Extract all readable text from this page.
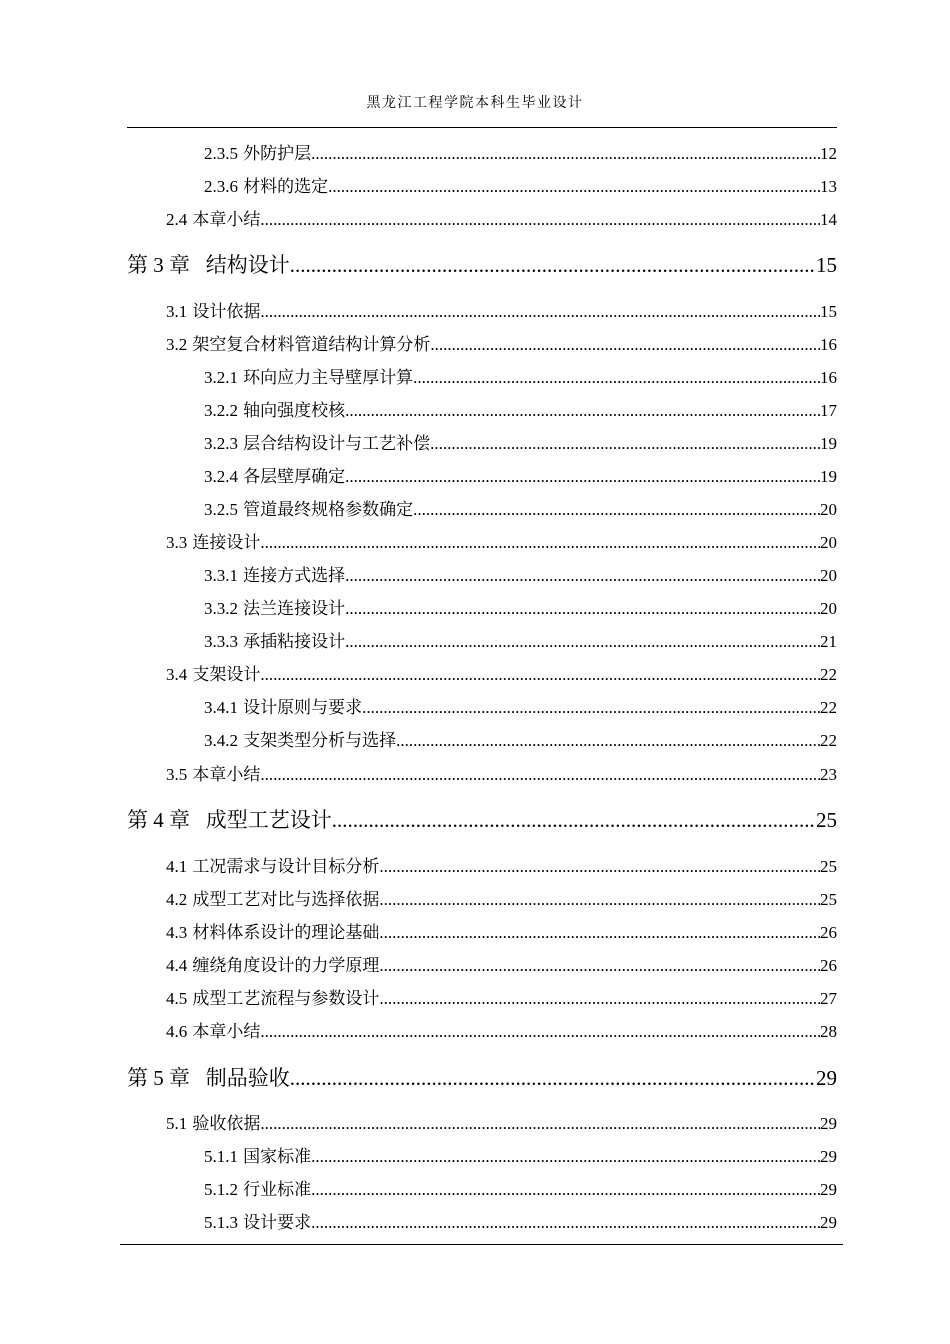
黑龙江工程学院本科生毕业设计
2.3.5 外防护层 .....	12
2.3.6 材料的选定 .....	13
2.4 本章小结 .....	14
第 3 章 结构设计 .....	15
3.1 设计依据 .....	15
3.2 架空复合材料管道结构计算分析 .....	16
3.2.1 环向应力主导壁厚计算 .....	16
3.2.2 轴向强度校核 .....	17
3.2.3 层合结构设计与工艺补偿 .....	19
3.2.4 各层壁厚确定 .....	19
3.2.5 管道最终规格参数确定 .....	20
3.3 连接设计 .....	20
3.3.1 连接方式选择 .....	20
3.3.2 法兰连接设计 .....	20
3.3.3 承插粘接设计 .....	21
3.4 支架设计 .....	22
3.4.1 设计原则与要求 .....	22
3.4.2 支架类型分析与选择 .....	22
3.5 本章小结 .....	23
第 4 章 成型工艺设计 .....	25
4.1 工况需求与设计目标分析 .....	25
4.2 成型工艺对比与选择依据 .....	25
4.3 材料体系设计的理论基础 .....	26
4.4 缠绕角度设计的力学原理 .....	26
4.5 成型工艺流程与参数设计 .....	27
4.6 本章小结 .....	28
第 5 章 制品验收 .....	29
5.1 验收依据 .....	29
5.1.1 国家标准 .....	29
5.1.2 行业标准 .....	29
5.1.3 设计要求 .....	29
